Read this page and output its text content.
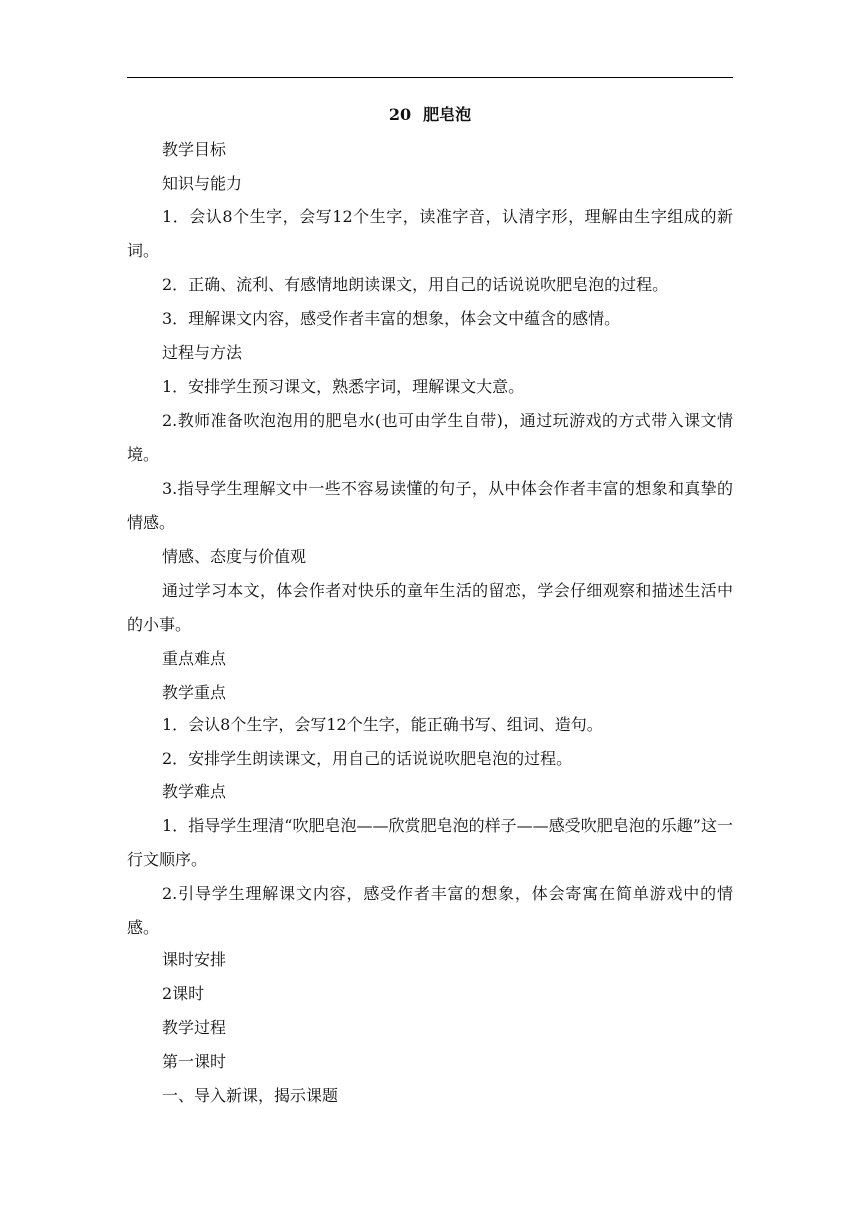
20 肥皂泡
教学目标
知识与能力
1．会认8个生字，会写12个生字，读准字音，认清字形，理解由生字组成的新词。
2．正确、流利、有感情地朗读课文，用自己的话说说吹肥皂泡的过程。
3．理解课文内容，感受作者丰富的想象，体会文中蕴含的感情。
过程与方法
1．安排学生预习课文，熟悉字词，理解课文大意。
2.教师准备吹泡泡用的肥皂水(也可由学生自带)，通过玩游戏的方式带入课文情境。
3.指导学生理解文中一些不容易读懂的句子，从中体会作者丰富的想象和真挚的情感。
情感、态度与价值观
通过学习本文，体会作者对快乐的童年生活的留恋，学会仔细观察和描述生活中的小事。
重点难点
教学重点
1．会认8个生字，会写12个生字，能正确书写、组词、造句。
2．安排学生朗读课文，用自己的话说说吹肥皂泡的过程。
教学难点
1．指导学生理清“吹肥皂泡——欣赏肥皂泡的样子——感受吹肥皂泡的乐趣”这一行文顺序。
2.引导学生理解课文内容，感受作者丰富的想象，体会寄寓在简单游戏中的情感。
课时安排
2课时
教学过程
第一课时
一、导入新课，揭示课题
